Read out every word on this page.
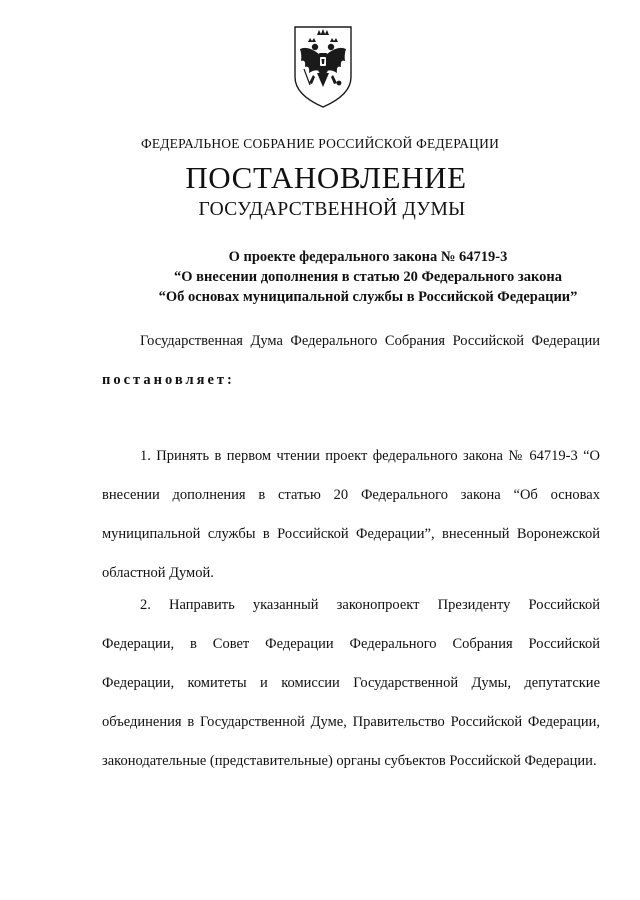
ФЕДЕРАЛЬНОЕ СОБРАНИЕ РОССИЙСКОЙ ФЕДЕРАЦИИ
ПОСТАНОВЛЕНИЕ
ГОСУДАРСТВЕННОЙ ДУМЫ
О проекте федерального закона № 64719-3
“О внесении дополнения в статью 20 Федерального закона
“Об основах муниципальной службы в Российской Федерации”
Государственная Дума Федерального Собрания Российской Федерации постановляет:
1. Принять в первом чтении проект федерального закона № 64719-3 “О внесении дополнения в статью 20 Федерального закона “Об основах муниципальной службы в Российской Федерации”, внесенный Воронежской областной Думой.
2. Направить указанный законопроект Президенту Российской Федерации, в Совет Федерации Федерального Собрания Российской Федерации, комитеты и комиссии Государственной Думы, депутатские объединения в Государственной Думе, Правительство Российской Федерации, законодательные (представительные) органы субъектов Российской Федерации.
